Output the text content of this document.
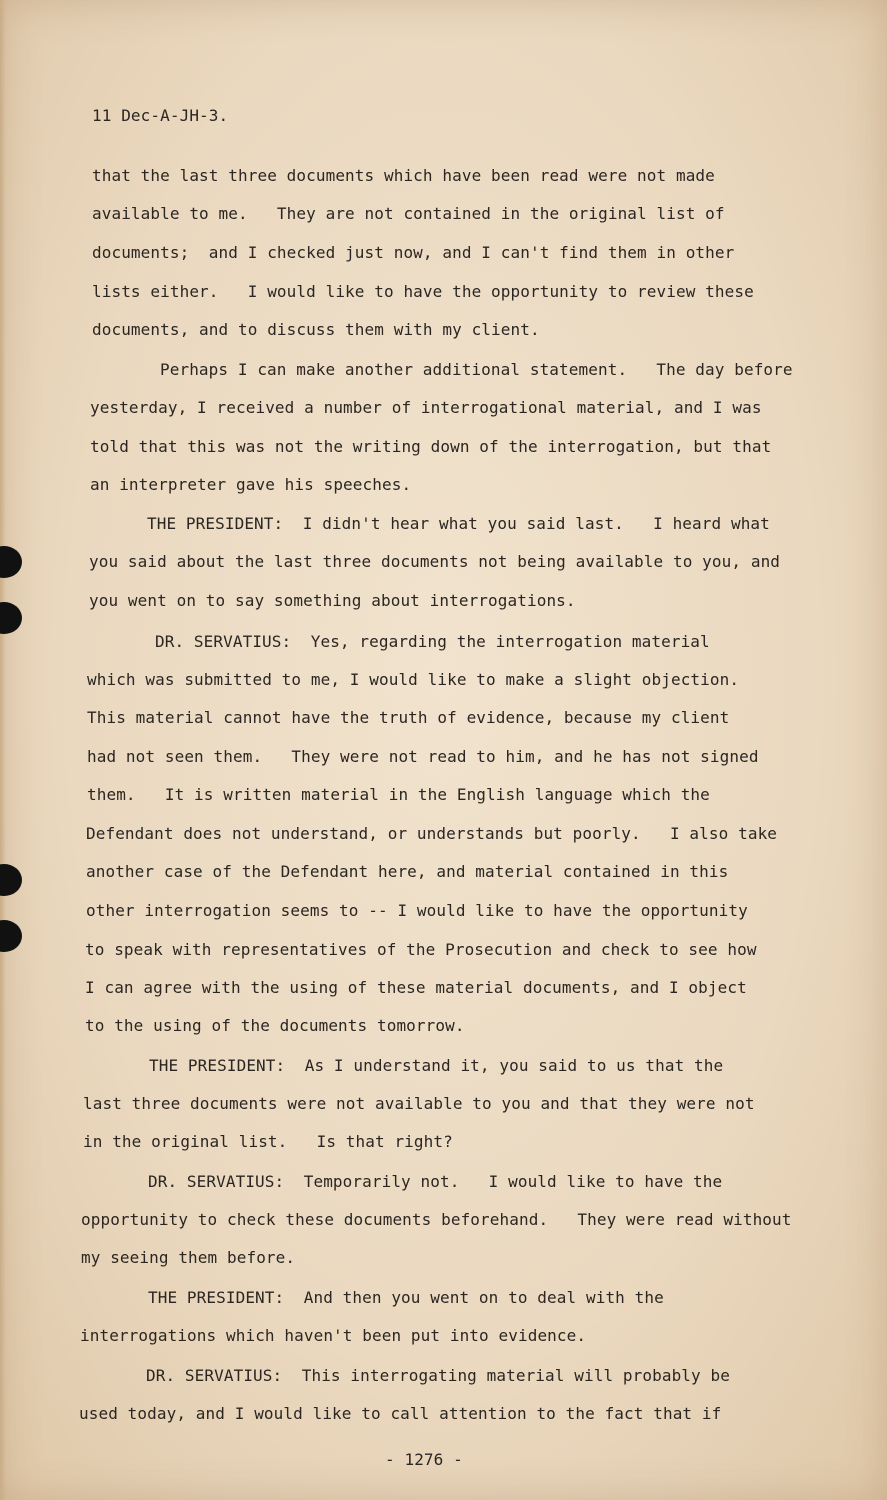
11 Dec-A-JH-3.
that the last three documents which have been read were not made
available to me.   They are not contained in the original list of
documents;  and I checked just now, and I can't find them in other
lists either.   I would like to have the opportunity to review these
documents, and to discuss them with my client.
Perhaps I can make another additional statement.   The day before
yesterday, I received a number of interrogational material, and I was
told that this was not the writing down of the interrogation, but that
an interpreter gave his speeches.
THE PRESIDENT:  I didn't hear what you said last.   I heard what
you said about the last three documents not being available to you, and
you went on to say something about interrogations.
DR. SERVATIUS:  Yes, regarding the interrogation material
which was submitted to me, I would like to make a slight objection.
This material cannot have the truth of evidence, because my client
had not seen them.   They were not read to him, and he has not signed
them.   It is written material in the English language which the
Defendant does not understand, or understands but poorly.   I also take
another case of the Defendant here, and material contained in this
other interrogation seems to -- I would like to have the opportunity
to speak with representatives of the Prosecution and check to see how
I can agree with the using of these material documents, and I object
to the using of the documents tomorrow.
THE PRESIDENT:  As I understand it, you said to us that the
last three documents were not available to you and that they were not
in the original list.   Is that right?
DR. SERVATIUS:  Temporarily not.   I would like to have the
opportunity to check these documents beforehand.   They were read without
my seeing them before.
THE PRESIDENT:  And then you went on to deal with the
interrogations which haven't been put into evidence.
DR. SERVATIUS:  This interrogating material will probably be
used today, and I would like to call attention to the fact that if
- 1276 -
